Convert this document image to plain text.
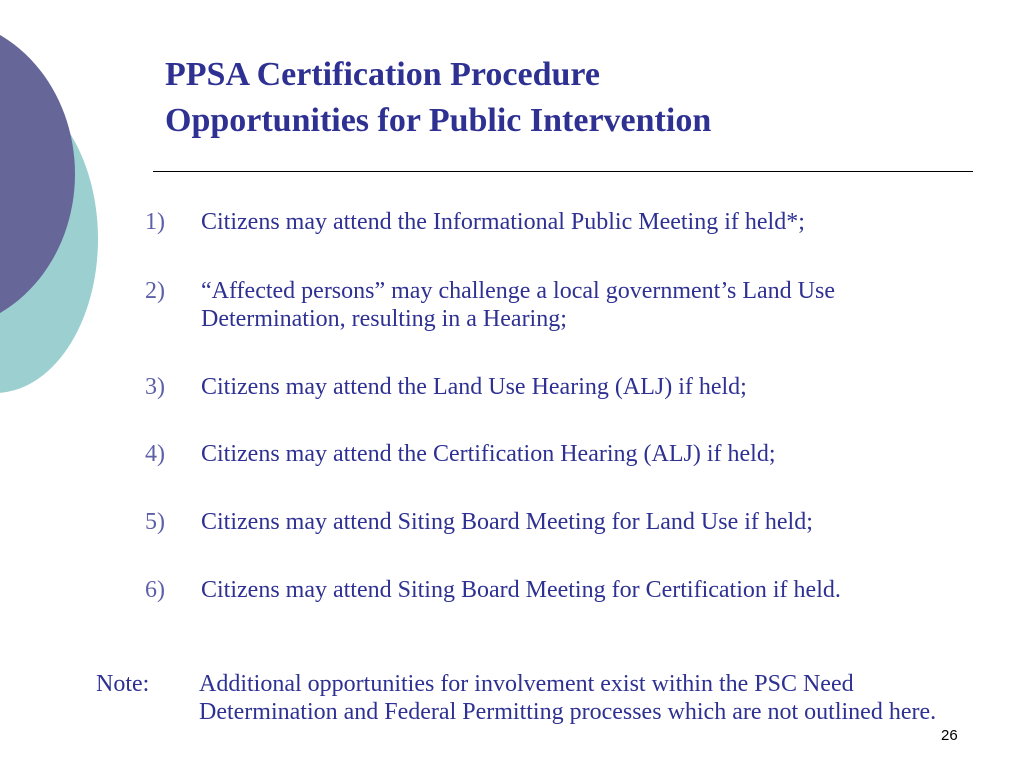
PPSA Certification Procedure
Opportunities for Public Intervention
1) Citizens may attend the Informational Public Meeting if held*;
2) “Affected persons” may challenge a local government’s Land Use Determination, resulting in a Hearing;
3) Citizens may attend the Land Use Hearing (ALJ) if held;
4) Citizens may attend the Certification Hearing (ALJ) if held;
5) Citizens may attend Siting Board Meeting for Land Use if held;
6) Citizens may attend Siting Board Meeting for Certification if held.
Note: Additional opportunities for involvement exist within the PSC Need Determination and Federal Permitting processes which are not outlined here.
26
